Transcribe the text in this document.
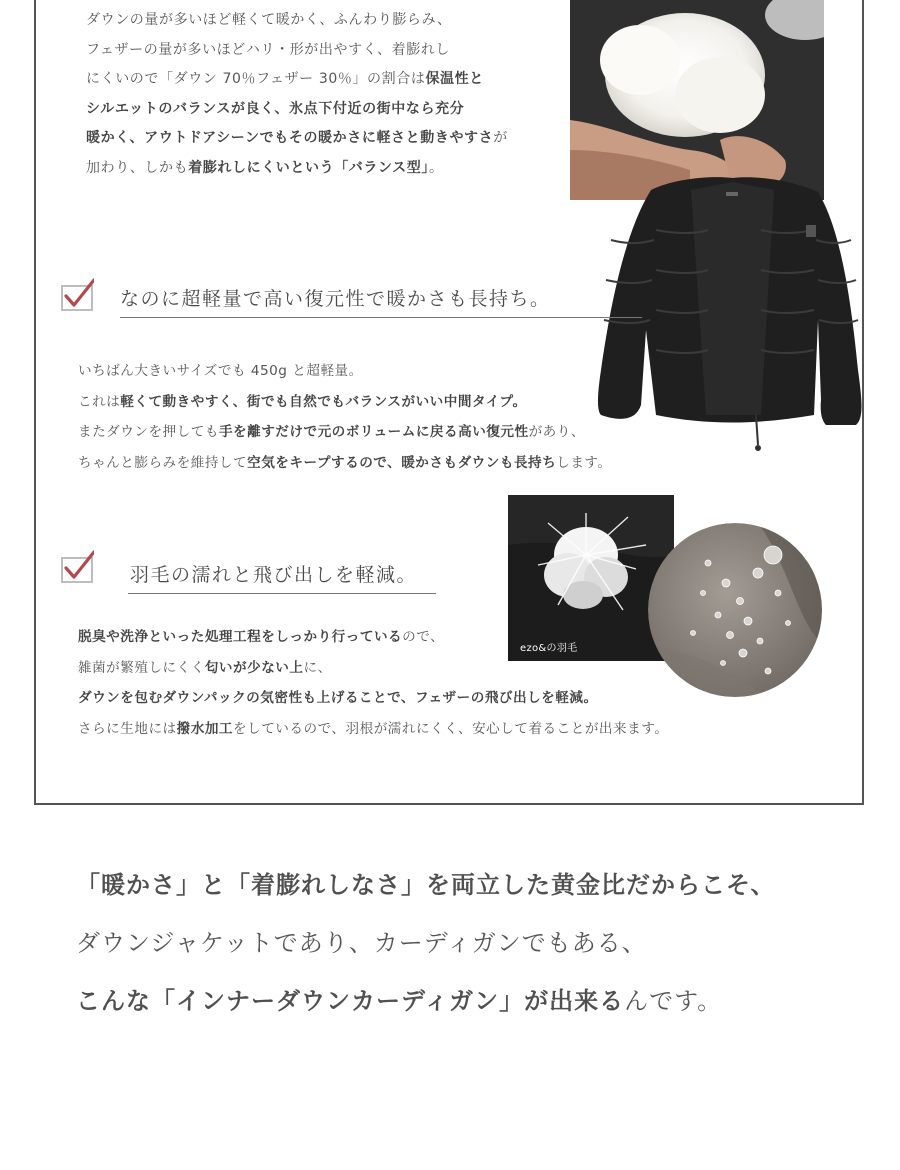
ダウンの量が多いほど軽くて暖かく、ふんわり膨らみ、
フェザーの量が多いほどハリ・形が出やすく、着膨れし
にくいので「ダウン 70％フェザー 30％」の割合は保温性と
シルエットのバランスが良く、氷点下付近の街中なら充分
暖かく、アウトドアシーンでもその暖かさに軽さと動きやすさが
加わり、しかも着膨れしにくいという「バランス型」。
なのに超軽量で高い復元性で暖かさも長持ち。
いちばん大きいサイズでも 450g と超軽量。
これは軽くて動きやすく、街でも自然でもバランスがいい中間タイプ。
またダウンを押しても手を離すだけで元のボリュームに戻る高い復元性があり、
ちゃんと膨らみを維持して空気をキープするので、暖かさもダウンも長持ちします。
羽毛の濡れと飛び出しを軽減。
ezo&の羽毛
脱臭や洗浄といった処理工程をしっかり行っているので、
雑菌が繁殖しにくく匂いが少ない上に、
ダウンを包むダウンパックの気密性も上げることで、フェザーの飛び出しを軽減。
さらに生地には撥水加工をしているので、羽根が濡れにくく、安心して着ることが出来ます。
「暖かさ」と「着膨れしなさ」を両立した黄金比だからこそ、
ダウンジャケットであり、カーディガンでもある、
こんな「インナーダウンカーディガン」が出来るんです。
